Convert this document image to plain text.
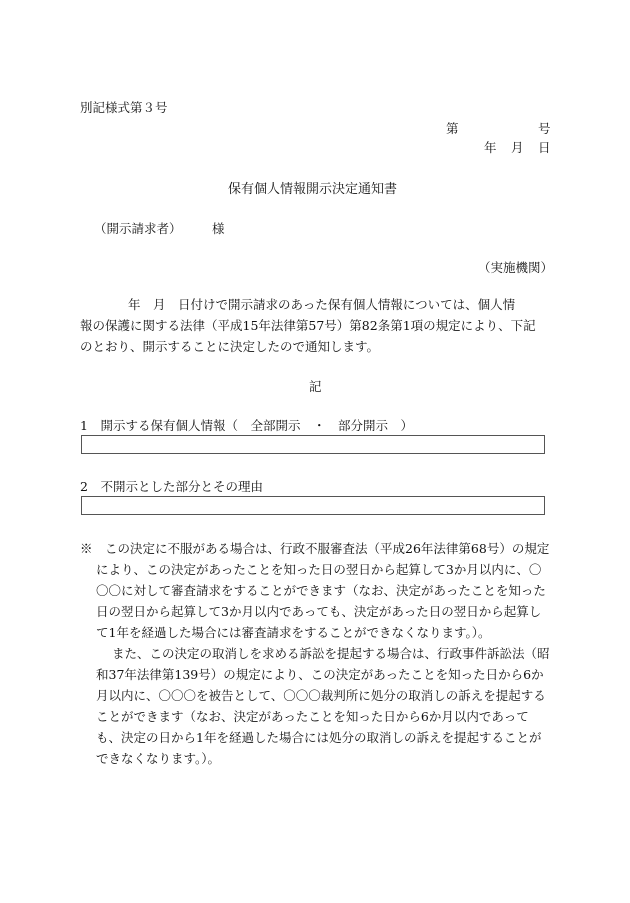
別記様式第３号
第	号
年 月 日
保有個人情報開示決定通知書
（開示請求者） 様
（実施機関）
年　月　日付けで開示請求のあった保有個人情報については、個人情
報の保護に関する法律（平成15年法律第57号）第82条第1項の規定により、下記
のとおり、開示することに決定したので通知します。
記
1　開示する保有個人情報（　全部開示　・　部分開示　）
2　不開示とした部分とその理由
※　この決定に不服がある場合は、行政不服審査法（平成26年法律第68号）の規定により、この決定があったことを知った日の翌日から起算して3か月以内に、〇〇〇に対して審査請求をすることができます（なお、決定があったことを知った日の翌日から起算して3か月以内であっても、決定があった日の翌日から起算して1年を経過した場合には審査請求をすることができなくなります。）。
また、この決定の取消しを求める訴訟を提起する場合は、行政事件訴訟法（昭和37年法律第139号）の規定により、この決定があったことを知った日から6か月以内に、〇〇〇を被告として、〇〇〇裁判所に処分の取消しの訴えを提起することができます（なお、決定があったことを知った日から6か月以内であっても、決定の日から1年を経過した場合には処分の取消しの訴えを提起することができなくなります。）。
